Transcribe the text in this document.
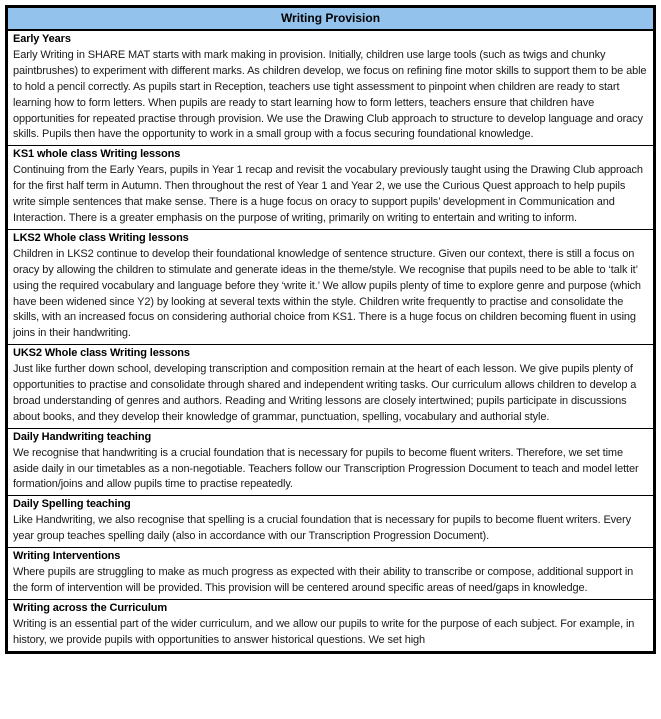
Writing Provision
Early Years
Early Writing in SHARE MAT starts with mark making in provision. Initially, children use large tools (such as twigs and chunky paintbrushes) to experiment with different marks. As children develop, we focus on refining fine motor skills to support them to be able to hold a pencil correctly. As pupils start in Reception, teachers use tight assessment to pinpoint when children are ready to start learning how to form letters. When pupils are ready to start learning how to form letters, teachers ensure that children have opportunities for repeated practise through provision. We use the Drawing Club approach to structure to develop language and oracy skills. Pupils then have the opportunity to work in a small group with a focus securing foundational knowledge.
KS1 whole class Writing lessons
Continuing from the Early Years, pupils in Year 1 recap and revisit the vocabulary previously taught using the Drawing Club approach for the first half term in Autumn. Then throughout the rest of Year 1 and Year 2, we use the Curious Quest approach to help pupils write simple sentences that make sense. There is a huge focus on oracy to support pupils’ development in Communication and Interaction. There is a greater emphasis on the purpose of writing, primarily on writing to entertain and writing to inform.
LKS2 Whole class Writing lessons
Children in LKS2 continue to develop their foundational knowledge of sentence structure. Given our context, there is still a focus on oracy by allowing the children to stimulate and generate ideas in the theme/style. We recognise that pupils need to be able to ‘talk it’ using the required vocabulary and language before they ‘write it.’ We allow pupils plenty of time to explore genre and purpose (which have been widened since Y2) by looking at several texts within the style. Children write frequently to practise and consolidate the skills, with an increased focus on considering authorial choice from KS1. There is a huge focus on children becoming fluent in using joins in their handwriting.
UKS2 Whole class Writing lessons
Just like further down school, developing transcription and composition remain at the heart of each lesson. We give pupils plenty of opportunities to practise and consolidate through shared and independent writing tasks. Our curriculum allows children to develop a broad understanding of genres and authors. Reading and Writing lessons are closely intertwined; pupils participate in discussions about books, and they develop their knowledge of grammar, punctuation, spelling, vocabulary and authorial style.
Daily Handwriting teaching
We recognise that handwriting is a crucial foundation that is necessary for pupils to become fluent writers. Therefore, we set time aside daily in our timetables as a non-negotiable. Teachers follow our Transcription Progression Document to teach and model letter formation/joins and allow pupils time to practise repeatedly.
Daily Spelling teaching
Like Handwriting, we also recognise that spelling is a crucial foundation that is necessary for pupils to become fluent writers. Every year group teaches spelling daily (also in accordance with our Transcription Progression Document).
Writing Interventions
Where pupils are struggling to make as much progress as expected with their ability to transcribe or compose, additional support in the form of intervention will be provided. This provision will be centered around specific areas of need/gaps in knowledge.
Writing across the Curriculum
Writing is an essential part of the wider curriculum, and we allow our pupils to write for the purpose of each subject. For example, in history, we provide pupils with opportunities to answer historical questions. We set high
